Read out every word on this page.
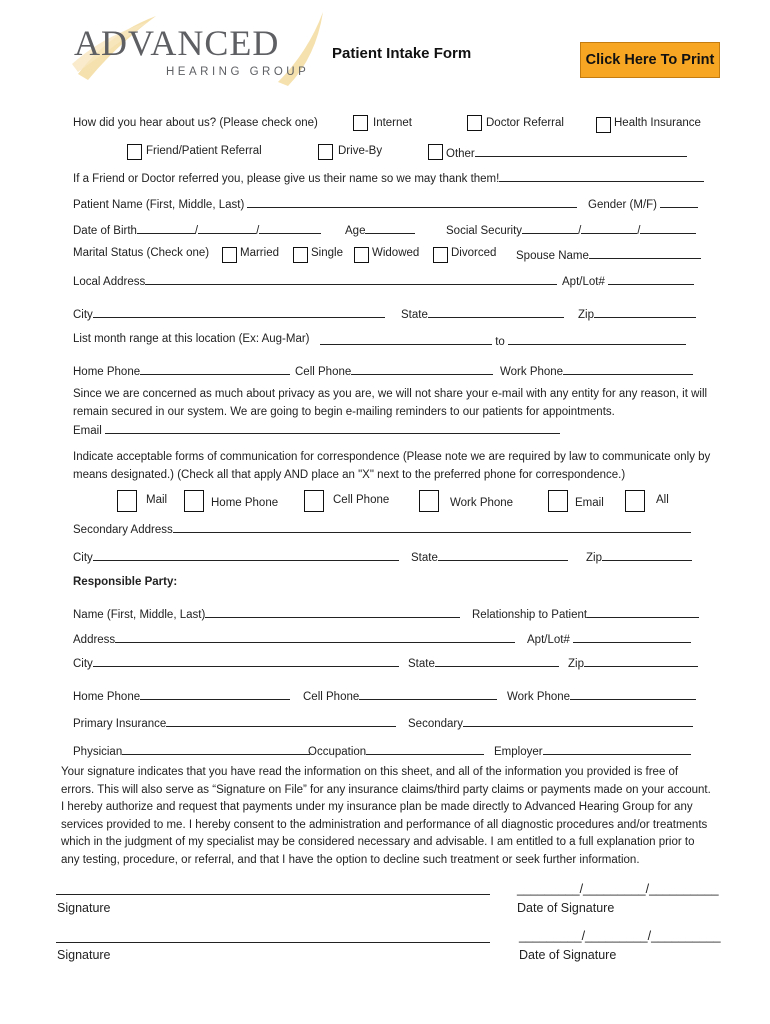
ADVANCED
HEARING GROUP
Patient Intake Form	Click Here To Print
How did you hear about us? (Please check one)	Internet	Doctor Referral	Health Insurance
Friend/Patient Referral	Drive-By	Other
If a Friend or Doctor referred you, please give us their name so we may thank them!
Patient Name (First, Middle, Last)	Gender (M/F)
Date of Birth	/	/	Age	Social Security	/	/
Marital Status (Check one)	Married	Single	Widowed	Divorced Spouse Name
Local Address	Apt/Lot#
City	State	Zip
List month range at this location (Ex: Aug-Mar)	to
Home Phone	Cell Phone	Work Phone
Since we are concerned as much about privacy as you are, we will not share your e-mail with any entity for any reason, it will
remain secured in our system. We are going to begin e-mailing reminders to our patients for appointments.
Email
Indicate acceptable forms of communication for correspondence (Please note we are required by law to communicate only by
means designated.) (Check all that apply AND place an "X" next to the preferred phone for correspondence.)
Mail	Home Phone	Cell Phone	Work Phone	Email	All
Secondary Address
City	State	Zip
Responsible Party:
Name (First, Middle, Last)	Relationship to Patient
Address	Apt/Lot#
City	State	Zip
Home Phone	Cell Phone	Work Phone
Primary Insurance	Secondary
Physician	Occupation	Employer
Your signature indicates that you have read the information on this sheet, and all of the information you provided is free of
errors. This will also serve as “Signature on File” for any insurance claims/third party claims or payments made on your account.
I hereby authorize and request that payments under my insurance plan be made directly to Advanced Hearing Group for any
services provided to me. I hereby consent to the administration and performance of all diagnostic procedures and/or treatments
which in the judgment of my specialist may be considered necessary and advisable. I am entitled to a full explanation prior to
any testing, procedure, or referral, and that I have the option to decline such treatment or seek further information.
_________/_________/__________
Signature	Date of Signature
_________/_________/__________
Signature	Date of Signature
